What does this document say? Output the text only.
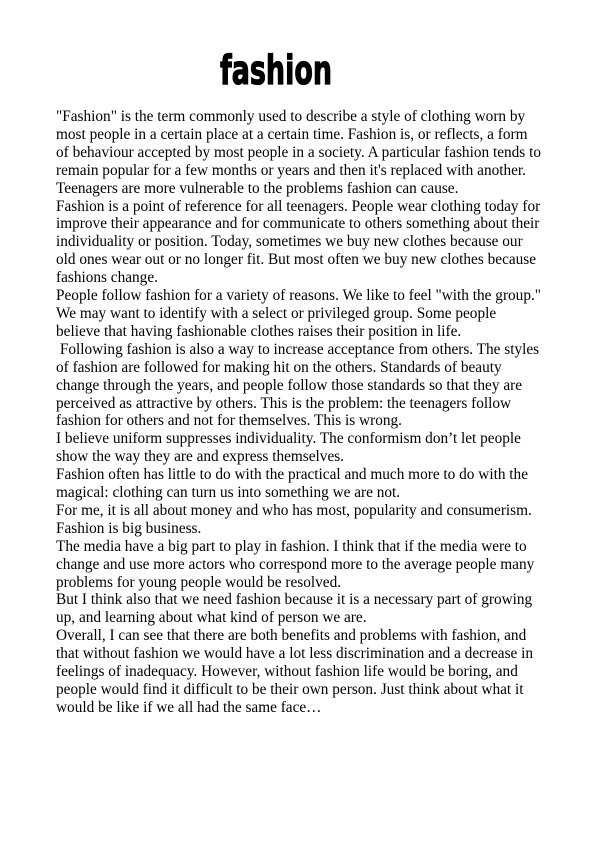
fashion

"Fashion" is the term commonly used to describe a style of clothing worn by most people in a certain place at a certain time. Fashion is, or reflects, a form of behaviour accepted by most people in a society. A particular fashion tends to remain popular for a few months or years and then it's replaced with another.

Teenagers are more vulnerable to the problems fashion can cause.

Fashion is a point of reference for all teenagers. People wear clothing today for improve their appearance and for communicate to others something about their individuality or position. Today, sometimes we buy new clothes because our old ones wear out or no longer fit. But most often we buy new clothes because fashions change.

People follow fashion for a variety of reasons. We like to feel "with the group." We may want to identify with a select or privileged group. Some people believe that having fashionable clothes raises their position in life.

Following fashion is also a way to increase acceptance from others. The styles of fashion are followed for making hit on the others. Standards of beauty change through the years, and people follow those standards so that they are perceived as attractive by others. This is the problem: the teenagers follow fashion for others and not for themselves. This is wrong.

I believe uniform suppresses individuality. The conformism don’t let people show the way they are and express themselves.

Fashion often has little to do with the practical and much more to do with the magical: clothing can turn us into something we are not.

For me, it is all about money and who has most, popularity and consumerism. Fashion is big business.

The media have a big part to play in fashion. I think that if the media were to change and use more actors who correspond more to the average people many problems for young people would be resolved.

But I think also that we need fashion because it is a necessary part of growing up, and learning about what kind of person we are.

Overall, I can see that there are both benefits and problems with fashion, and that without fashion we would have a lot less discrimination and a decrease in feelings of inadequacy. However, without fashion life would be boring, and people would find it difficult to be their own person. Just think about what it would be like if we all had the same face…
